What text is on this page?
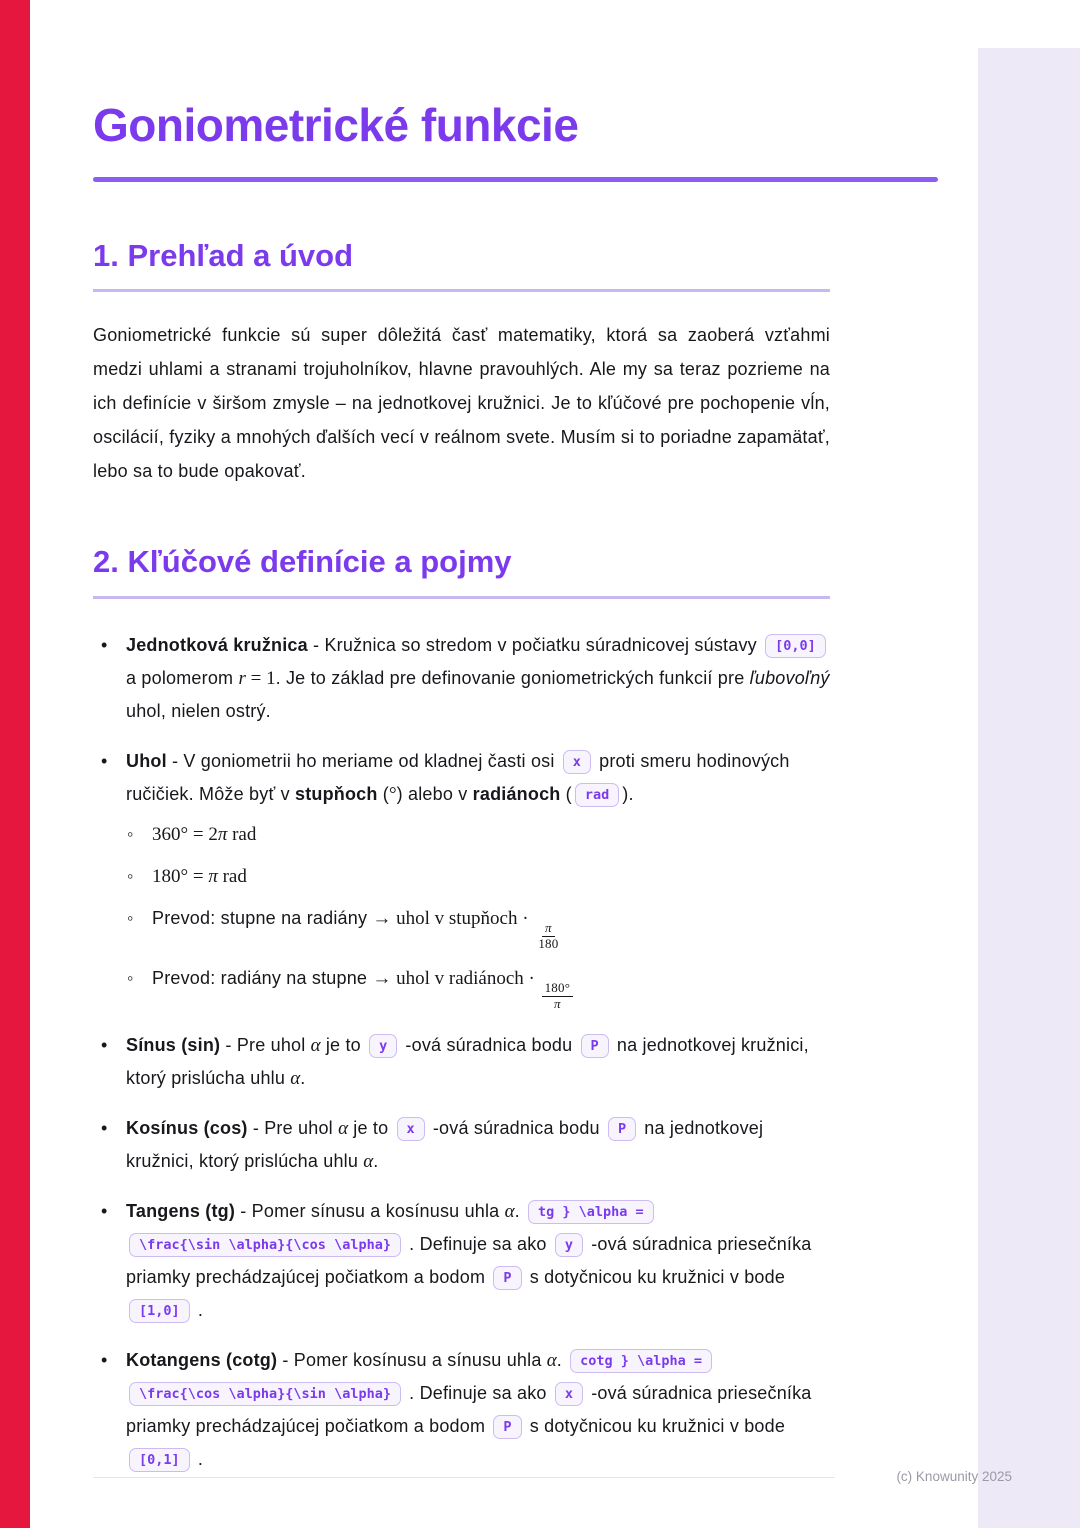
Goniometrické funkcie
1. Prehľad a úvod

Goniometrické funkcie sú super dôležitá časť matematiky, ktorá sa zaoberá vzťahmi medzi uhlami a stranami trojuholníkov, hlavne pravouhlých. Ale my sa teraz pozrieme na ich definície v širšom zmysle – na jednotkovej kružnici. Je to kľúčové pre pochopenie vĺn, oscilácií, fyziky a mnohých ďalších vecí v reálnom svete. Musím si to poriadne zapamätať, lebo sa to bude opakovať.

2. Kľúčové definície a pojmy
• Jednotková kružnica - Kružnica so stredom v počiatku súradnicovej sústavy [0,0] a polomerom r = 1. Je to základ pre definovanie goniometrických funkcií pre ľubovoľný uhol, nielen ostrý.
• Uhol - V goniometrii ho meriame od kladnej časti osi x proti smeru hodinových ručičiek. Môže byť v stupňoch (°) alebo v radiánoch ( rad ).
◦ 360° = 2π rad
◦ 180° = π rad
◦ Prevod: stupne na radiány → uhol v stupňoch ·
$\frac{\pi}{180}$
◦ Prevod: radiány na stupne → uhol v radiánoch ·
$\frac{180^\circ}{\pi}$
• Sínus (sin) - Pre uhol α je to y -ová súradnica bodu P na jednotkovej kružnici, ktorý prislúcha uhlu α.
• Kosínus (cos) - Pre uhol α je to x -ová súradnica bodu P na jednotkovej kružnici, ktorý prislúcha uhlu α.
• Tangens (tg) - Pomer sínusu a kosínusu uhla α. tg } \alpha =\frac{\sin \alpha}{\cos \alpha} . Definuje sa ako y -ová súradnica priesečníka priamky prechádzajúcej počiatkom a bodom P s dotyčnicou ku kružnici v bode [1,0] .
• Kotangens (cotg) - Pomer kosínusu a sínusu uhla α. cotg } \alpha =\frac{\cos \alpha}{\sin \alpha} . Definuje sa ako x -ová súradnica priesečníka priamky prechádzajúcej počiatkom a bodom P s dotyčnicou ku kružnici v bode [0,1] .
(c) Knowunity 2025
